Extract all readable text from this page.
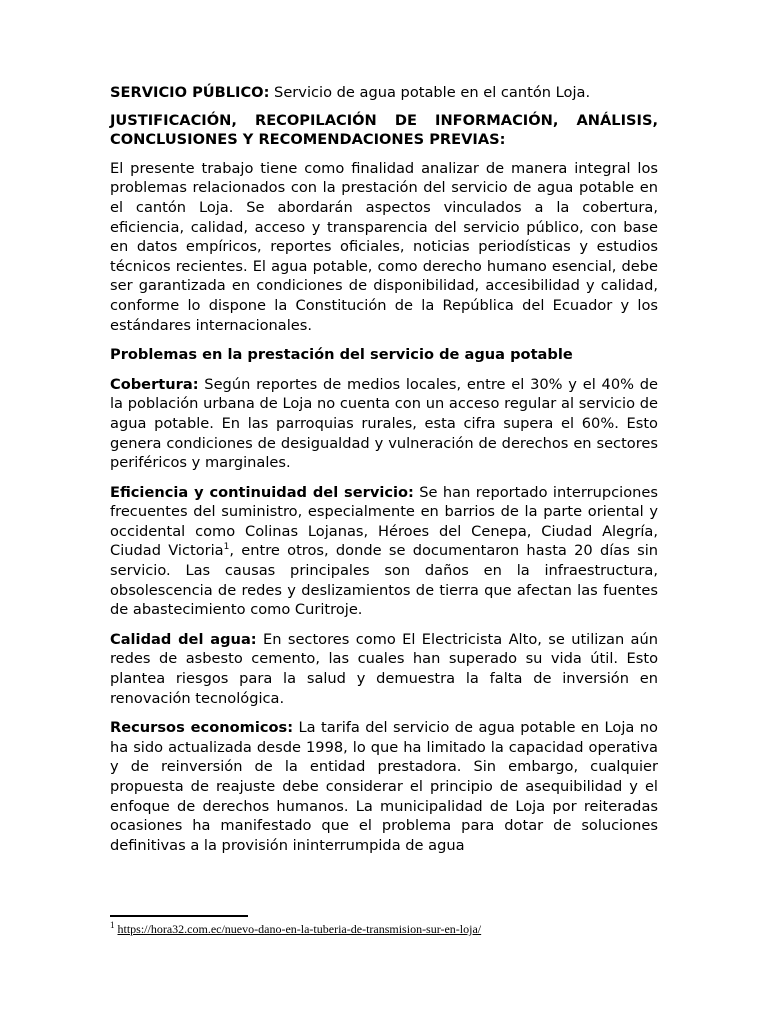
SERVICIO PÚBLICO: Servicio de agua potable en el cantón Loja.

JUSTIFICACIÓN, RECOPILACIÓN DE INFORMACIÓN, ANÁLISIS, CONCLUSIONES Y RECOMENDACIONES PREVIAS:

El presente trabajo tiene como finalidad analizar de manera integral los problemas relacionados con la prestación del servicio de agua potable en el cantón Loja. Se abordarán aspectos vinculados a la cobertura, eficiencia, calidad, acceso y transparencia del servicio público, con base en datos empíricos, reportes oficiales, noticias periodísticas y estudios técnicos recientes. El agua potable, como derecho humano esencial, debe ser garantizada en condiciones de disponibilidad, accesibilidad y calidad, conforme lo dispone la Constitución de la República del Ecuador y los estándares internacionales.

Problemas en la prestación del servicio de agua potable

Cobertura: Según reportes de medios locales, entre el 30% y el 40% de la población urbana de Loja no cuenta con un acceso regular al servicio de agua potable. En las parroquias rurales, esta cifra supera el 60%. Esto genera condiciones de desigualdad y vulneración de derechos en sectores periféricos y marginales.

Eficiencia y continuidad del servicio: Se han reportado interrupciones frecuentes del suministro, especialmente en barrios de la parte oriental y occidental como Colinas Lojanas, Héroes del Cenepa, Ciudad Alegría, Ciudad Victoria$^1$, entre otros, donde se documentaron hasta 20 días sin servicio. Las causas principales son daños en la infraestructura, obsolescencia de redes y deslizamientos de tierra que afectan las fuentes de abastecimiento como Curitroje.

Calidad del agua: En sectores como El Electricista Alto, se utilizan aún redes de asbesto cemento, las cuales han superado su vida útil. Esto plantea riesgos para la salud y demuestra la falta de inversión en renovación tecnológica.

Recursos economicos: La tarifa del servicio de agua potable en Loja no ha sido actualizada desde 1998, lo que ha limitado la capacidad operativa y de reinversión de la entidad prestadora. Sin embargo, cualquier propuesta de reajuste debe considerar el principio de asequibilidad y el enfoque de derechos humanos. La municipalidad de Loja por reiteradas ocasiones ha manifestado que el problema para dotar de soluciones definitivas a la provisión ininterrumpida de agua

$^1$ https://hora32.com.ec/nuevo-dano-en-la-tuberia-de-transmision-sur-en-loja/
